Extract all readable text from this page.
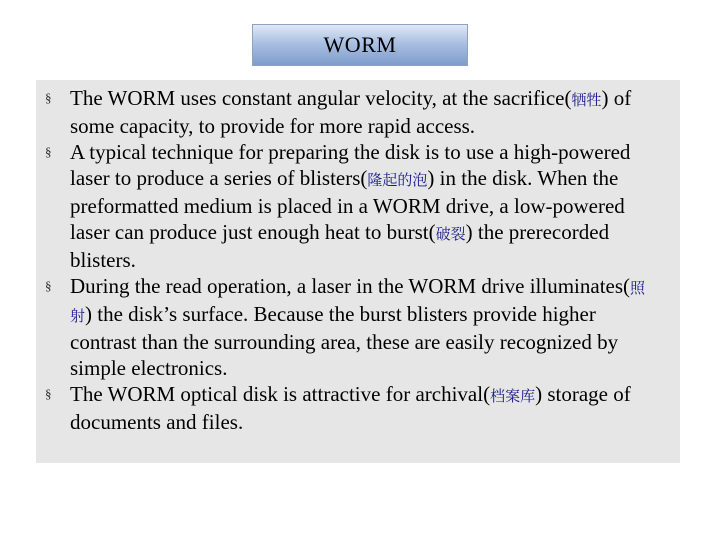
WORM
§ The WORM uses constant angular velocity, at the sacrifice(牺牲) of some capacity, to provide for more rapid access.
§ A typical technique for preparing the disk is to use a high-powered laser to produce a series of blisters(隆起的泡) in the disk. When the preformatted medium is placed in a WORM drive, a low-powered laser can produce just enough heat to burst(破裂) the prerecorded blisters.
§ During the read operation, a laser in the WORM drive illuminates(照射) the disk’s surface. Because the burst blisters provide higher contrast than the surrounding area, these are easily recognized by simple electronics.
§ The WORM optical disk is attractive for archival(档案库) storage of documents and files.
